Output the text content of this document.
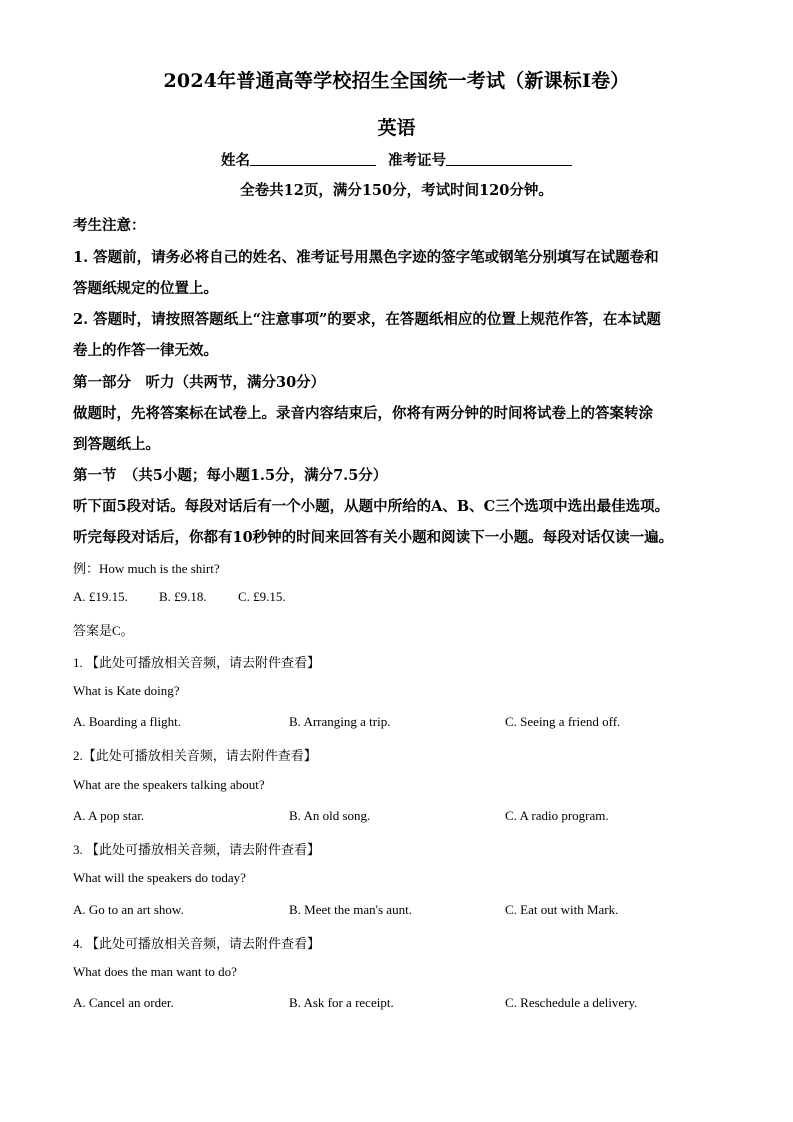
2024年普通高等学校招生全国统一考试（新课标Ⅰ卷）
英语
姓名	准考证号
全卷共12页，满分150分，考试时间120分钟。
考生注意：
1. 答题前，请务必将自己的姓名、准考证号用黑色字迹的签字笔或钢笔分别填写在试题卷和
答题纸规定的位置上。
2. 答题时，请按照答题纸上“注意事项”的要求，在答题纸相应的位置上规范作答，在本试题
卷上的作答一律无效。
第一部分　听力（共两节，满分30分）
做题时，先将答案标在试卷上。录音内容结束后，你将有两分钟的时间将试卷上的答案转涂
到答题纸上。
第一节　（共5小题；每小题1.5分，满分7.5分）
听下面5段对话。每段对话后有一个小题，从题中所给的A、B、C三个选项中选出最佳选项。
听完每段对话后，你都有10秒钟的时间来回答有关小题和阅读下一小题。每段对话仅读一遍。
例：How much is the shirt?
A. £19.15. B. £9.18. C. £9.15.
答案是C。
1. 【此处可播放相关音频，请去附件查看】
What is Kate doing?
A. Boarding a flight.	B. Arranging a trip.	C. Seeing a friend off.
2.【此处可播放相关音频，请去附件查看】
What are the speakers talking about?
A. A pop star.	B. An old song.	C. A radio program.
3. 【此处可播放相关音频，请去附件查看】
What will the speakers do today?
A. Go to an art show.	B. Meet the man's aunt.	C. Eat out with Mark.
4. 【此处可播放相关音频，请去附件查看】
What does the man want to do?
A. Cancel an order.	B. Ask for a receipt.	C. Reschedule a delivery.
